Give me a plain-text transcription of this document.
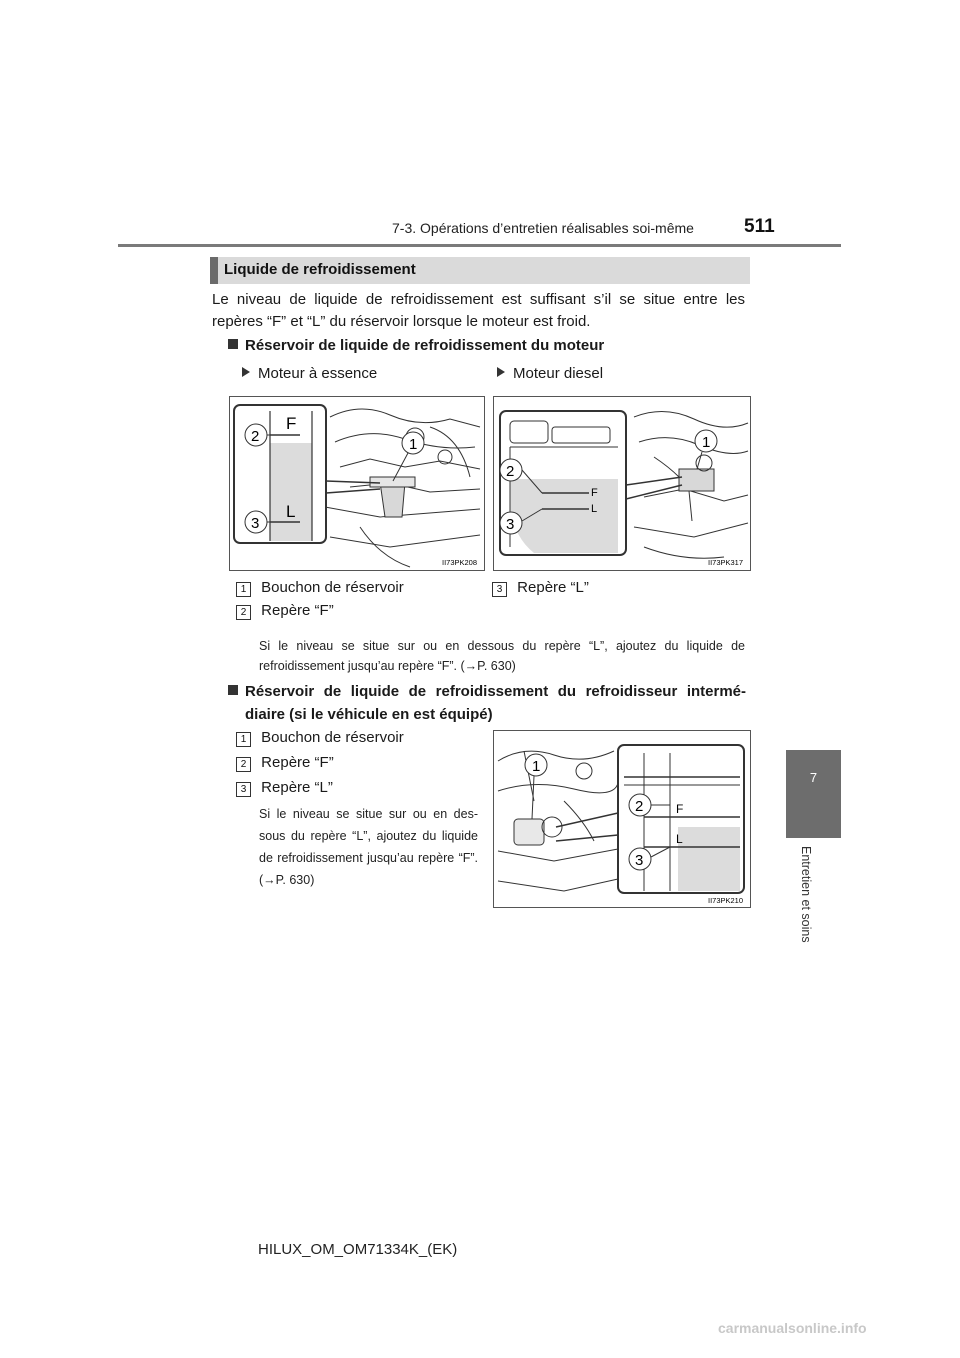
7-3. Opérations d’entretien réalisables soi-même	511
7
Entretien et soins
Liquide de refroidissement
Le niveau de liquide de refroidissement est suffisant s’il se situe entre les repères “F” et “L” du réservoir lorsque le moteur est froid.
Réservoir de liquide de refroidissement du moteur
Moteur à essence	Moteur diesel
F
L
2
3
1
II73PK208
F
L
2
3
1
II73PK317
1 Bouchon de réservoir
2 Repère “F”
3 Repère “L”
Si le niveau se situe sur ou en dessous du repère “L”, ajoutez du liquide de refroidissement jusqu’au repère “F”. (→P. 630)
Réservoir de liquide de refroidissement du refroidisseur intermé-
diaire (si le véhicule en est équipé)
1 Bouchon de réservoir
2 Repère “F”
3 Repère “L”
Si le niveau se situe sur ou en des-sous du repère “L”, ajoutez du liquide de refroidissement jusqu’au repère “F”. (→P. 630)
F
L
1
2
3
II73PK210
HILUX_OM_OM71334K_(EK)
carmanualsonline.info
